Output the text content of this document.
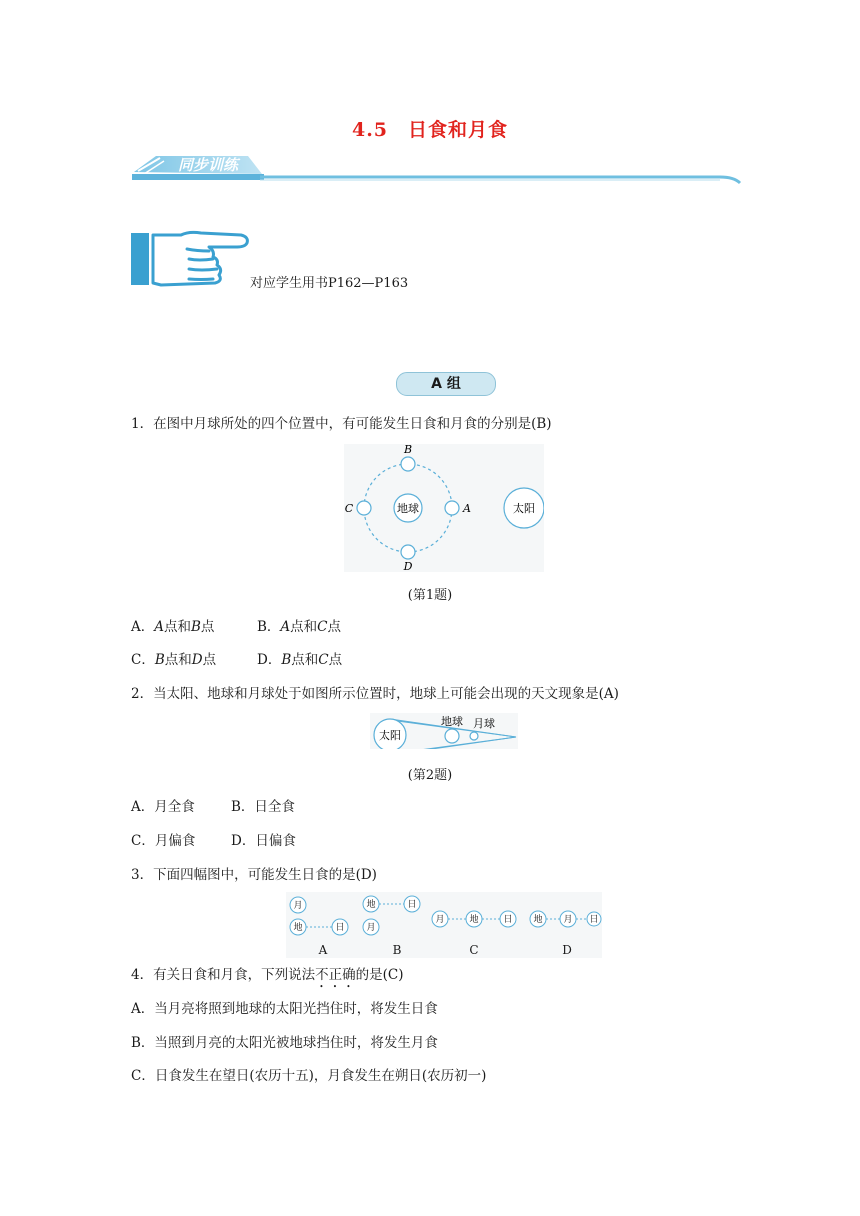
4.5　日食和月食
同步训练
对应学生用书P162—P163
A 组
1．在图中月球所处的四个位置中，有可能发生日食和月食的分别是(B)
地球	太阳
B
D
C	A
(第1题)
A．A点和B点	B．A点和C点
C．B点和D点	D．B点和C点
2．当太阳、地球和月球处于如图所示位置时，地球上可能会出现的天文现象是(A)
太阳
地球 月球
(第2题)
A．月全食	B．日全食
C．月偏食	D．日偏食
3．下面四幅图中，可能发生日食的是(D)
月
地	日
地	日
月
月	地	日 地 月 日
A	B	C	D
4．有关日食和月食，下列说法不正确的是(C)
A．当月亮将照到地球的太阳光挡住时，将发生日食
B．当照到月亮的太阳光被地球挡住时，将发生月食
C．日食发生在望日(农历十五)，月食发生在朔日(农历初一)
